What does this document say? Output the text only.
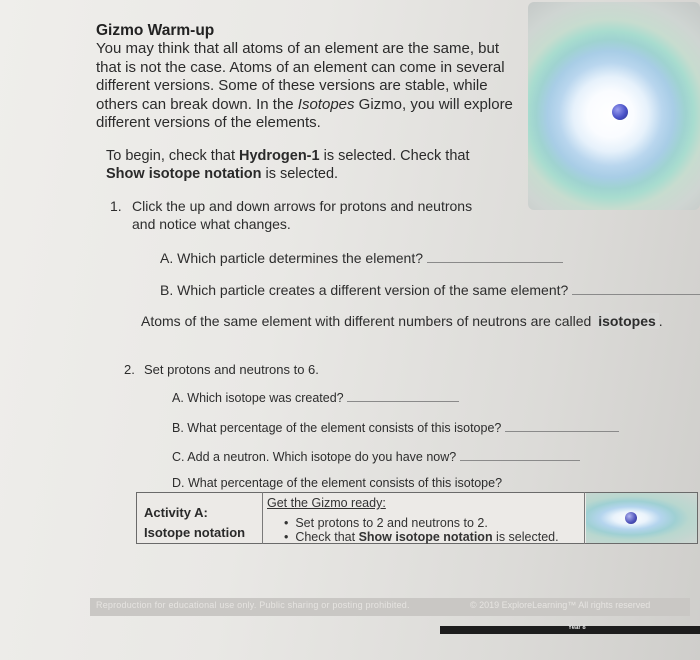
Gizmo Warm-up
You may think that all atoms of an element are the same, but
that is not the case. Atoms of an element can come in several
different versions. Some of these versions are stable, while
others can break down. In the Isotopes Gizmo, you will explore
different versions of the elements.
To begin, check that Hydrogen-1 is selected. Check that
Show isotope notation is selected.
1. Click the up and down arrows for protons and neutrons
and notice what changes.
A. Which particle determines the element?
B. Which particle creates a different version of the same element?
Atoms of the same element with different numbers of neutrons are called isotopes .
2. Set protons and neutrons to 6.
A. Which isotope was created?
B. What percentage of the element consists of this isotope?
C. Add a neutron. Which isotope do you have now?
D. What percentage of the element consists of this isotope?
Activity A:
Isotope notation
Get the Gizmo ready:
•  Set protons to 2 and neutrons to 2.
•  Check that Show isotope notation is selected.
Reproduction for educational use only. Public sharing or posting prohibited.	© 2019 ExploreLearning™ All rights reserved
Year 8
